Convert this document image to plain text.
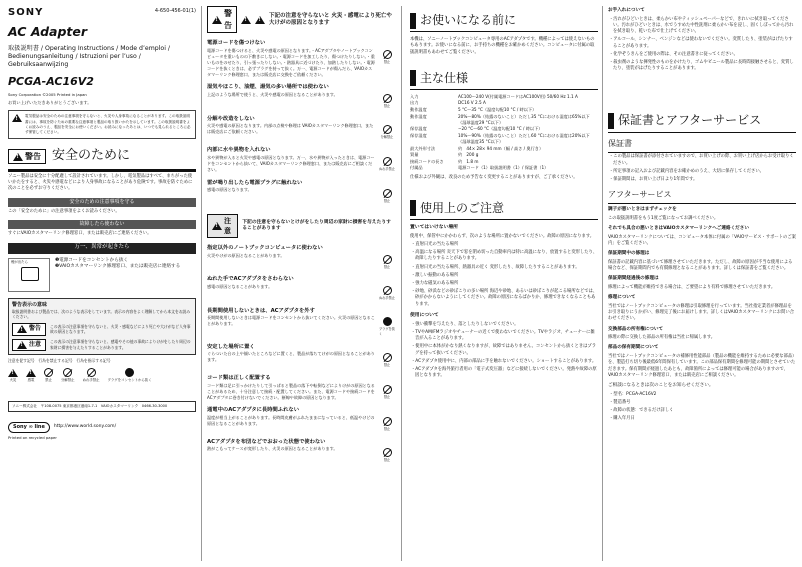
SONY	4-650-456-01(1)
AC Adapter
取扱説明書 / Operating Instructions / Mode d’emploi / Bedienungsanleitung / Istruzioni per l’uso / Gebruiksaanwijzing
PCGA-AC16V2
Sony Corporation ©2005 Printed in Japan
お買い上げいただきありがとうございます。
!
電気製品は安全のための注意事項を守らないと、火災や人身事故になることがあります。この取扱説明書には、事故を防ぐための重要な注意事項と製品の取り扱いかたを示しています。この取扱説明書をよくお読みのうえ、製品を安全にお使いください。お読みになったあとは、いつでも見られるところに必ず保管してください。
!
警告 安全のために
ソニー製品は安全に十分配慮して設計されています。しかし、電気製品はすべて、まちがった使いかたをすると、火災や感電などにより人身事故になることがあり危険です。事故を防ぐために次のことを必ずお守りください。
安全のための注意事項を守る
この「安全のために」の注意事項をよくお読みください。
故障したら使わない
すぐにVAIOカスタマーリンク修理窓口、または販売店にご連絡ください。
万一、異常が起きたら
煙が出たら	❶電源コードをコンセントから抜く
❷VAIOカスタマーリンク修理窓口、または販売店に連絡する
警告表示の意味
取扱説明書および製品では、次のような表示をしています。表示の内容をよく理解してから本文をお読みください。
!
警告 この表示の注意事項を守らないと、火災・感電などにより死亡や大けがなど人身事故の原因となります。
!
注意 この表示の注意事項を守らないと、感電やその他の事故によりけがをしたり周辺の家財に損害を与えたりすることがあります。
注意を促す記号　行為を禁止する記号　行為を指示する記号
!
火災
!	感電	禁止	分解禁止 ぬれ手禁止 プラグをコンセントから抜く
ソニー株式会社　〒108-0075 東京都港区港南1-7-1　VAIOカスタマーリンク　0466-30-3000
Sony ∞ line	http://www.world.sony.com/
Printed on recycled paper
!
警告
!
!
下記の注意を守らないと 火災・感電により死亡や大けがの原因となります
電源コードを傷つけない
電源コードを傷つけると、火災や感電の原因となります。・ACアダプタやノートブックコンピュータを重いものの下敷きにしない。・電源コードを加工したり、傷つけたりしない。・重いものをのせたり、引っ張ったりしない。・熱器具に近づけたり、加熱したりしない。・電源コードを抜くときは、必ずプラグを持って抜く。万一、電源コードが傷んだら、VAIOカスタマーリンク修理窓口、または販売店に交換をご依頼ください。
禁止
湿気やほこり、油煙、湯気の多い場所では使わない
上記のような場所で使うと、火災や感電の原因となることがあります。
禁止
分解や改造をしない
火災や感電の原因となります。内部の点検や修理は VAIOカスタマーリンク修理窓口、または販売店にご依頼ください。
分解禁止
内部に水や異物を入れない
水や異物が入ると火災や感電の原因となります。万一、水や異物が入ったときは、電源コードをコンセントから抜いて、VAIOカスタマーリンク修理窓口、または販売店にご相談ください。	ぬれ手禁止
雷が鳴り出したら電源プラグに触れない
感電の原因となります。
禁止
!
注意
下記の注意を守らないとけがをしたり周辺の家財に損害を与えたりすることがあります
指定以外のノートブックコンピュータに使わない
火災やけがの原因となることがあります。
禁止
ぬれた手でACアダプタをさわらない
感電の原因となることがあります。
ぬれ手禁止
長期間使用しないときは、ACアダプタを外す
長期間使用しないときは電源コードをコンセントから抜いてください。火災の原因となることがあります。
プラグを抜く
安定した場所に置く
ぐらついた台の上や傾いたところなどに置くと、製品が落ちてけがの原因となることがあります。
禁止
コード類は正しく配置する
コード類は足に引っかけたりして引っぱると製品の落下や転倒などによりけがの原因となることがあるため、十分注意して接続・配置してください。また、電源コードや接続コードをACアダプタに巻き付けないでください。断線や故障の原因となります。	禁止
通電中のACアダプタに長時間ふれない
温度が相当上がることがあります。長時間皮膚がふれたままになっていると、低温やけどの原因となることがあります。
禁止
ACアダプタを布団などでおおった状態で使わない
熱がこもってケースが変形したり、火災の原因となることがあります。
禁止
お使いになる前に
本機は、ソニーノートブックコンピュータ専用のACアダプタです。機種によっては使えないものもあります。お使いになる前に、お手持ちの機種をお確かめください。コンピュータに付属の取扱説明書もあわせてご覧ください。
主な仕様
入力	AC100〜240 V(付属電源コードはAC100V用) 50/60 Hz 1.1 A
出力	DC16 V 2.5 A
動作温度	5 °C〜35 °C（温度勾配10 °C / 時以下）
動作湿度	20%〜80%（結露のないこと）ただし35 °Cにおける湿度は65%以下（湿球温度29 °C以下）
保存温度	−20 °C〜60 °C（温度勾配10 °C / 時以下）
保存湿度	10%〜90%（結露のないこと）ただし60 °Cにおける湿度は20%以下（湿球温度35 °C以下）
最大外形寸法	約　44× 28× 94 mm（幅 / 高さ / 奥行き）
質量	約　200 g
接続コードの長さ	約　1.8 m
付属品	電源コード（1）取扱説明書（1）/ 保証書（1）
仕様および外観は、改良のため予告なく変更することがありますが、ご了承ください。
使用上のご注意
置いてはいけない場所
使用中、保管中にかかわらず、次のような場所に置かないでください。故障の原因になります。
・直射日光の当たる場所
・高温になる場所 炎天下で窓を閉め切った自動車内は特に高温になり、放置すると変形したり、故障したりすることがあります。
・直射日光の当たる場所、熱器具の近く 変形したり、故障したりすることがあります。
・激しい振動のある場所
・強力な磁気のある場所
・砂地、砂浜などの砂ぼこりの多い場所 海辺や砂地、あるいは砂ぼこりが起こる場所などでは、砂がかからないようにしてください。故障の原因になるばかりか、修理できなくなることもあります。
使用について
・強い衝撃を与えたり、落としたりしないでください。
・TVやAM/FMラジオやチューナーの近くで使わないでください。TVやラジオ、チューナーに雑音が入ることがあります。
・使用中に本体がかなり熱くなりますが、故障ではありません。コンセントから抜くときはプラグを持って抜いてください。
・ACアダプタ使用中に、内部の部品に手を触れないでください。ショートすることがあります。
・ACアダプタを海外旅行者用の「電子式変圧器」などに接続しないでください。発熱や故障の原因となります。
お手入れについて
・汚れがひどいときは、柔らかい布やティッシュペーパーなどで、きれいに拭き取ってください。汚れがひどいときは、水でうすめた中性洗剤に柔らかい布を浸し、固くしぼってから汚れを拭き取り、乾いた布で仕上げてください。
・アルコール、シンナー、ベンジンなどは使わないでください。変質したり、塗装がはげたりすることがあります。
・化学ぞうきんをご使用の際は、その注意書きに従ってください。
・殺虫剤のような揮発性のものをかけたり、ゴムやビニール製品に長時間接触させると、変質したり、塗装がはげたりすることがあります。
保証書とアフターサービス
保証書
・この製品は保証書が添付されていますので、お買い上げの際、お買い上げ店からお受け取りください。
・所定事項の記入および記載内容をお確かめのうえ、大切に保存してください。
・保証期間は、お買い上げ日より1年間です。
アフターサービス
調子が悪いときはまずチェックを
この取扱説明書をもう1度ご覧になってお調べください。
それでも具合の悪いときはVAIOカスタマーリンクへご連絡ください
VAIOカスタマーリンクについては、コンピュータ本体に付属の「VAIOサービス・サポートのご案内」をご覧ください。
保証期間中の修理は
保証書の記載内容に基づいて修理させていただきます。ただし、故障の原因が不当な使用による場合など、保証期間内でも有償修理となることがあります。詳しくは保証書をご覧ください。
保証期間経過後の修理は
修理によって機能が維持できる場合は、ご要望により有料で修理させていただきます。
修理について
当社ではノートブックコンピュータの修理は引取修理を行っています。当社指定業者が修理品をお引き取りにうかがい、修理完了後にお届けします。詳しくはVAIOカスタマーリンクにお問い合わせください。
交換部品の所有権について
修理の際に交換した部品の所有権は当社に帰属します。
部品の保有期間について
当社ではノートブックコンピュータの補修用性能部品（製品の機能を維持するために必要な部品）を、製造打ち切り後最低6年間保有しています。この部品保有期間を修理可能の期間とさせていただきます。保有期間が経過したあとも、故障箇所によっては修理可能の場合がありますので、VAIOカスタマーリンク修理窓口、または販売店にご相談ください。
ご相談になるときは次のことをお知らせください。
・型名：PCGA-AC16V2
・製造番号
・故障の状態：できるだけ詳しく
・購入年月日
